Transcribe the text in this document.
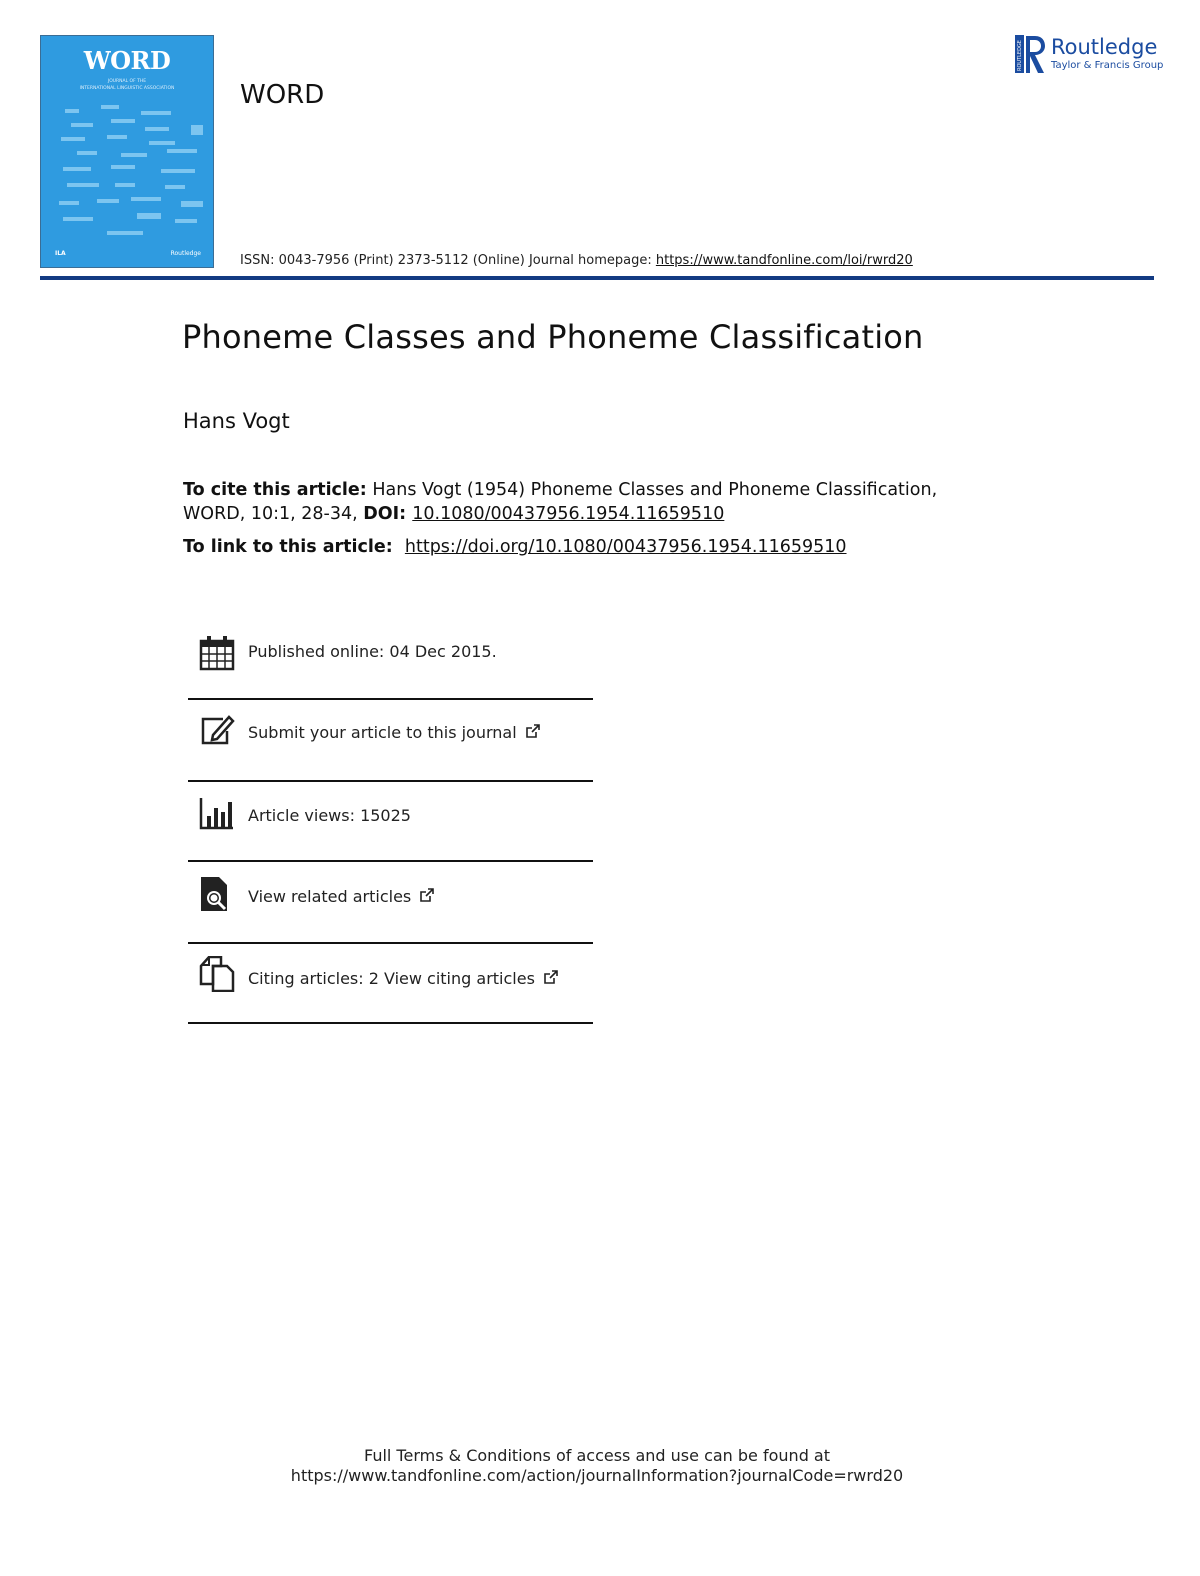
WORD
JOURNAL OF THE
INTERNATIONAL LINGUISTIC ASSOCIATION
ILA	Routledge
WORD
ISSN: 0043-7956 (Print) 2373-5112 (Online) Journal homepage: https://www.tandfonline.com/loi/rwrd20
ROUTLEDGE Routledge
Taylor & Francis Group
Phoneme Classes and Phoneme Classification
Hans Vogt
To cite this article: Hans Vogt (1954) Phoneme Classes and Phoneme Classification, WORD, 10:1, 28-34, DOI: 10.1080/00437956.1954.11659510
To link to this article: https://doi.org/10.1080/00437956.1954.11659510
Published online: 04 Dec 2015.
Submit your article to this journal
Article views: 15025
View related articles
Citing articles: 2 View citing articles
Full Terms & Conditions of access and use can be found at
https://www.tandfonline.com/action/journalInformation?journalCode=rwrd20
